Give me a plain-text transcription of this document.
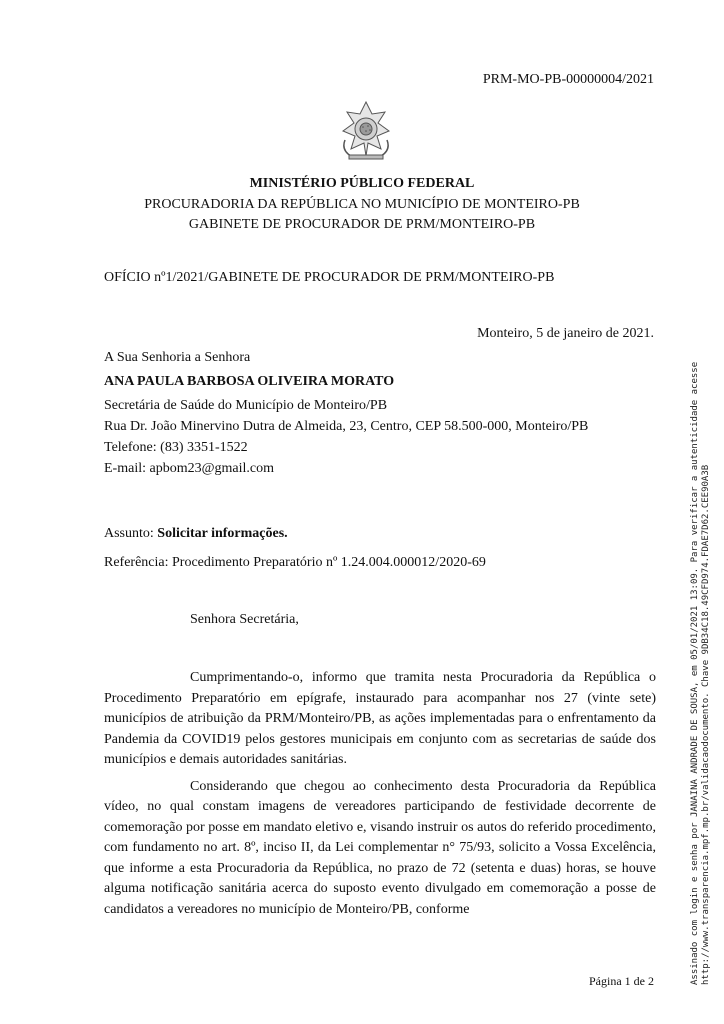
PRM-MO-PB-00000004/2021
MINISTÉRIO PÚBLICO FEDERAL
PROCURADORIA DA REPÚBLICA NO MUNICÍPIO DE MONTEIRO-PB
GABINETE DE PROCURADOR DE PRM/MONTEIRO-PB
OFÍCIO nº1/2021/GABINETE DE PROCURADOR DE PRM/MONTEIRO-PB
Monteiro, 5 de janeiro de 2021.
A Sua Senhoria a Senhora
ANA PAULA BARBOSA OLIVEIRA MORATO
Secretária de Saúde do Município de Monteiro/PB
Rua Dr. João Minervino Dutra de Almeida, 23, Centro, CEP 58.500-000, Monteiro/PB
Telefone: (83) 3351-1522
E-mail: apbom23@gmail.com
Assunto: Solicitar informações.
Referência: Procedimento Preparatório nº 1.24.004.000012/2020-69
Senhora Secretária,

Cumprimentando-o, informo que tramita nesta Procuradoria da República o Procedimento Preparatório em epígrafe, instaurado para acompanhar nos 27 (vinte sete) municípios de atribuição da PRM/Monteiro/PB, as ações implementadas para o enfrentamento da Pandemia da COVID19 pelos gestores municipais em conjunto com as secretarias de saúde dos municípios e demais autoridades sanitárias.

Considerando que chegou ao conhecimento desta Procuradoria da República vídeo, no qual constam imagens de vereadores participando de festividade decorrente de comemoração por posse em mandato eletivo e, visando instruir os autos do referido procedimento, com fundamento no art. 8º, inciso II, da Lei complementar n° 75/93, solicito a Vossa Excelência, que informe a esta Procuradoria da República, no prazo de 72 (setenta e duas) horas, se houve alguma notificação sanitária acerca do suposto evento divulgado em comemoração a posse de candidatos a vereadores no município de Monteiro/PB, conforme

Página 1 de 2	Assinado com login e senha por JANAINA ANDRADE DE SOUSA, em 05/01/2021 13:09. Para verificar a autenticidade acesse http://www.transparencia.mpf.mp.br/validacaodocumento. Chave 9DB34C18.49CFD974.FDAE7D62.CEE90A3B
